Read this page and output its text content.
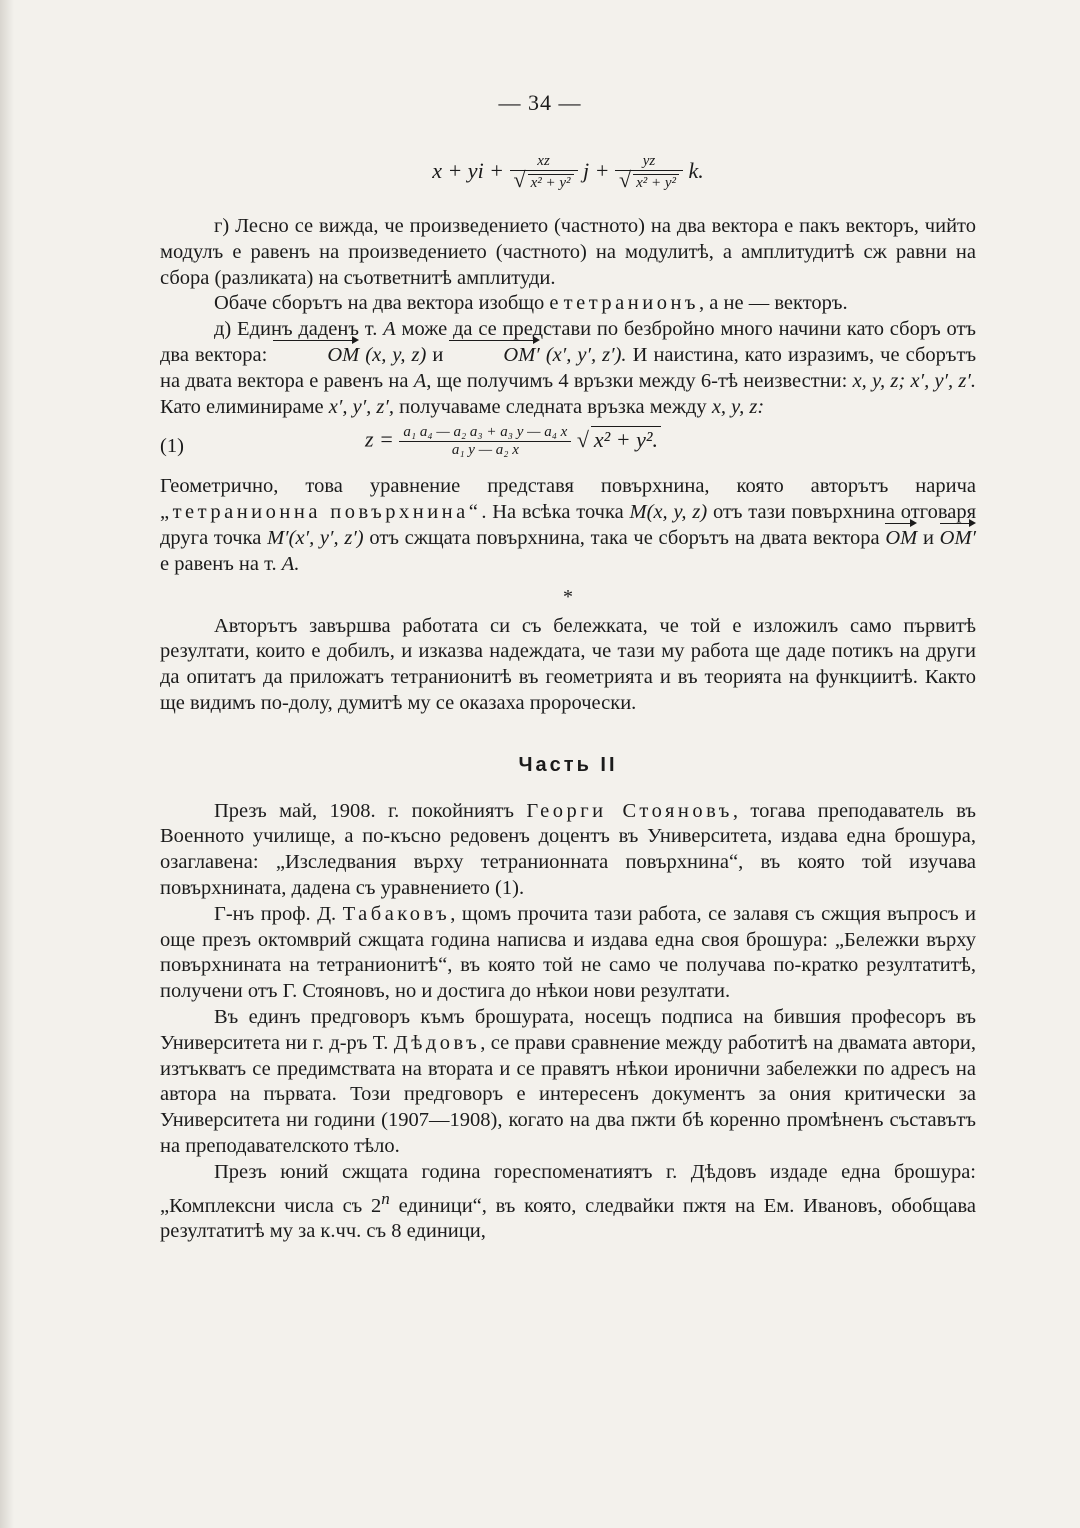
— 34 —
x + yi + $\frac{xz}{\text{√ x² + y²}}$ $j + \frac{yz}{\text{√ x² + y²}} k$.

г) Лесно се вижда, че произведението (частното) на два вектора е пакъ векторъ, чийто модулъ е равенъ на произведението (частното) на модулитѣ, а амплитудитѣ сж равни на сбора (разликата) на съответнитѣ амплитуди.

Обаче сборътъ на два вектора изобщо е тетранионъ, а не — векторъ.

д) Единъ даденъ т. A може да се представи по безбройно много начини като сборъ отъ два вектора:	OM (x, y, z) и	OM′ (x′, y′, z′). И наистина, като изразимъ, че сборътъ на двата вектора е равенъ на A, ще получимъ 4 връзки между 6-тѣ неизвестни: x, y, z; x′, y′, z′. Като елиминираме x′, y′, z′, получаваме следната връзка между x, y, z:

(1)	$z = \frac{\text{a₁ a₄ — a₂ a₃ + a₃ y — a₄ x}}{\text{a₁ y — a₂ x}}$ √ x² + y².

Геометрично, това уравнение представя повърхнина, която авторътъ нарича „тетранионна повърхнина“. На всѣка точка M(x, y, z) отъ тази повърхнина отговаря друга точка M′(x′, y′, z′) отъ сжщата повърхнина, така че сборътъ на двата вектора OM и OM′ е равенъ на т. A.

*

Авторътъ завършва работата си съ бележката, че той е изложилъ само първитѣ резултати, които е добилъ, и изказва надеждата, че тази му работа ще даде потикъ на други да опитатъ да приложатъ тетранионитѣ въ геометрията и въ теорията на функциитѣ. Както ще видимъ по-долу, думитѣ му се оказаха пророчески.

Часть II

Презъ май, 1908. г. покойниятъ Георги Стояновъ, тогава преподаватель въ Военното училище, а по-късно редовенъ доцентъ въ Университета, издава една брошура, озаглавена: „Изследвания върху тетранионната повърхнина“, въ която той изучава повърхнината, дадена съ уравнението (1).

Г-нъ проф. Д. Табаковъ, щомъ прочита тази работа, се залавя съ сжщия въпросъ и още презъ октомврий сжщата година написва и издава една своя брошура: „Бележки върху повърхнината на тетранионитѣ“, въ която той не само че получава по-кратко резултатитѣ, получени отъ Г. Стояновъ, но и достига до нѣкои нови резултати.

Въ единъ предговоръ къмъ брошурата, носещъ подписа на бившия професоръ въ Университета ни г. д-ръ Т. Дѣдовъ, се прави сравнение между работитѣ на двамата автори, изтъкватъ се предимствата на втората и се правятъ нѣкои иронични забележки по адресъ на автора на първата. Този предговоръ е интересенъ документъ за ония критически за Университета ни години (1907—1908), когато на два пжти бѣ коренно промѣненъ съставътъ на преподавателското тѣло.

Презъ юний сжщата година гореспоменатиятъ г. Дѣдовъ издаде една брошура: „Комплексни числа съ 2$^n$ единици“, въ която, следвайки пжтя на Ем. Ивановъ, обобщава резултатитѣ му за к.чч. съ 8 единици,
